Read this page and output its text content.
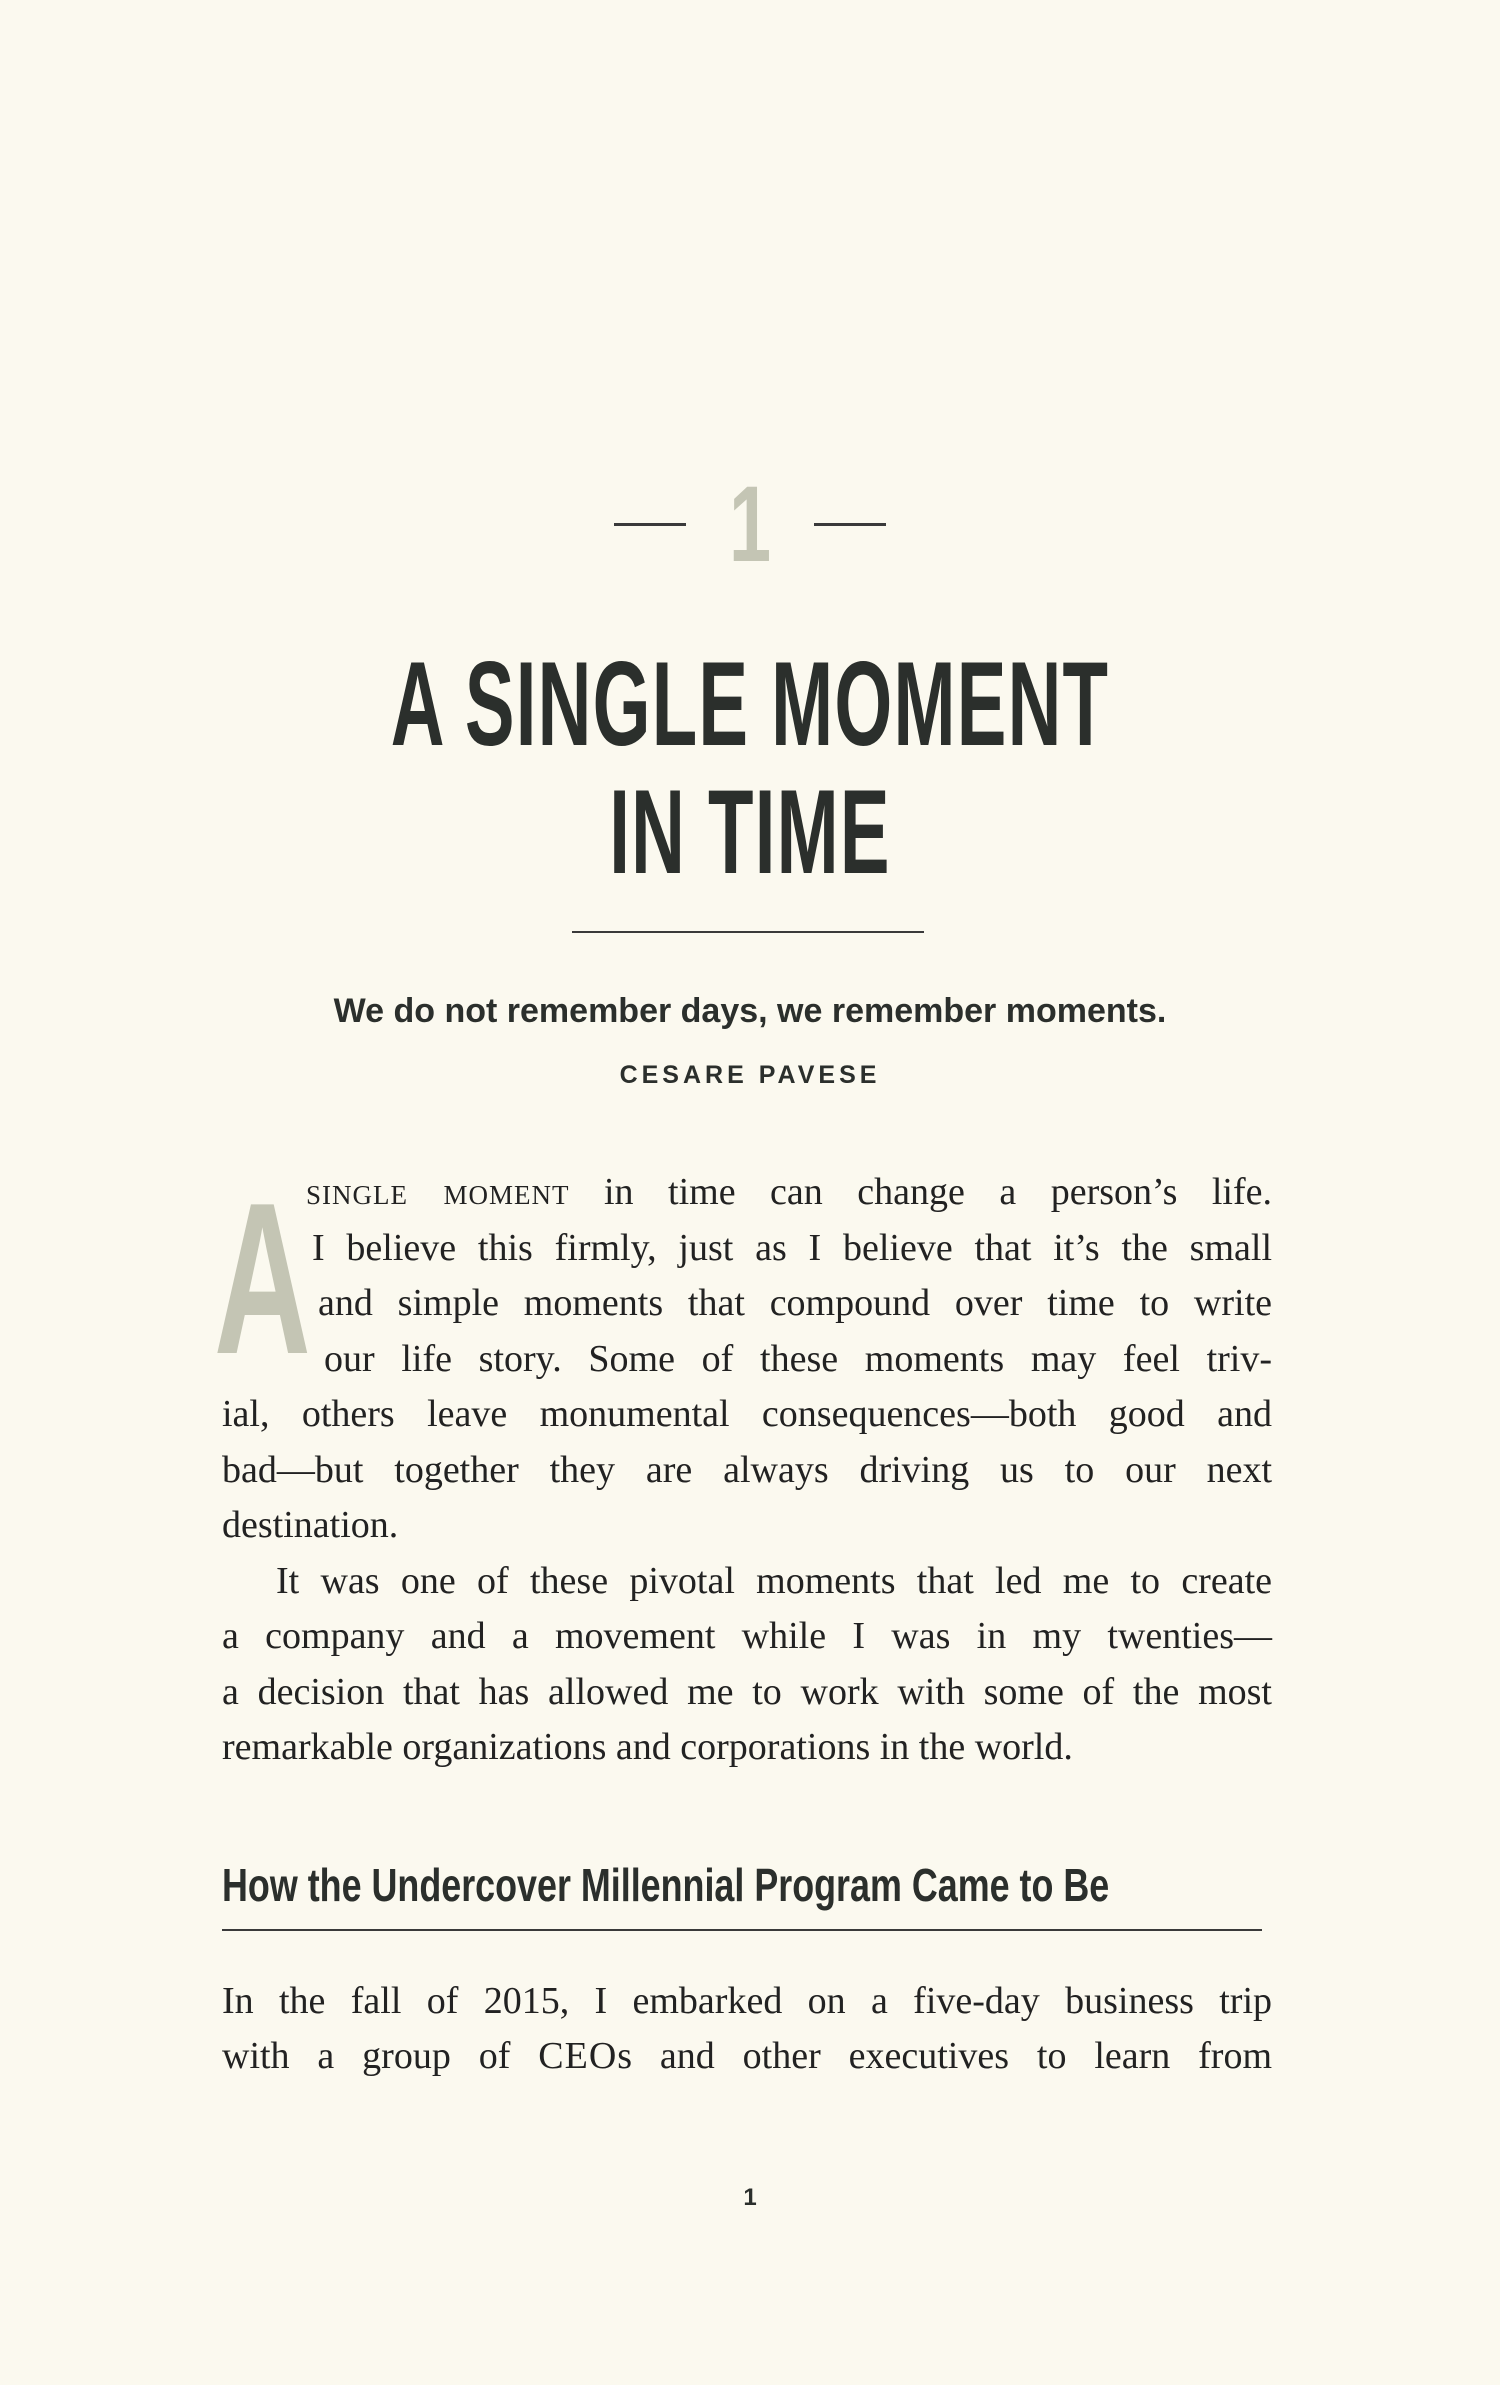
1
A SINGLE MOMENT
IN TIME
We do not remember days, we remember moments.
CESARE PAVESE
A
single moment in time can change a person’s life.
I believe this firmly, just as I believe that it’s the small
and simple moments that compound over time to write
our life story. Some of these moments may feel triv-
ial, others leave monumental consequences—both good and
bad—but together they are always driving us to our next
destination.
It was one of these pivotal moments that led me to create
a company and a movement while I was in my twenties—
a decision that has allowed me to work with some of the most
remarkable organizations and corporations in the world.
How the Undercover Millennial Program Came to Be
In the fall of 2015, I embarked on a five-day business trip
with a group of CEOs and other executives to learn from
1
